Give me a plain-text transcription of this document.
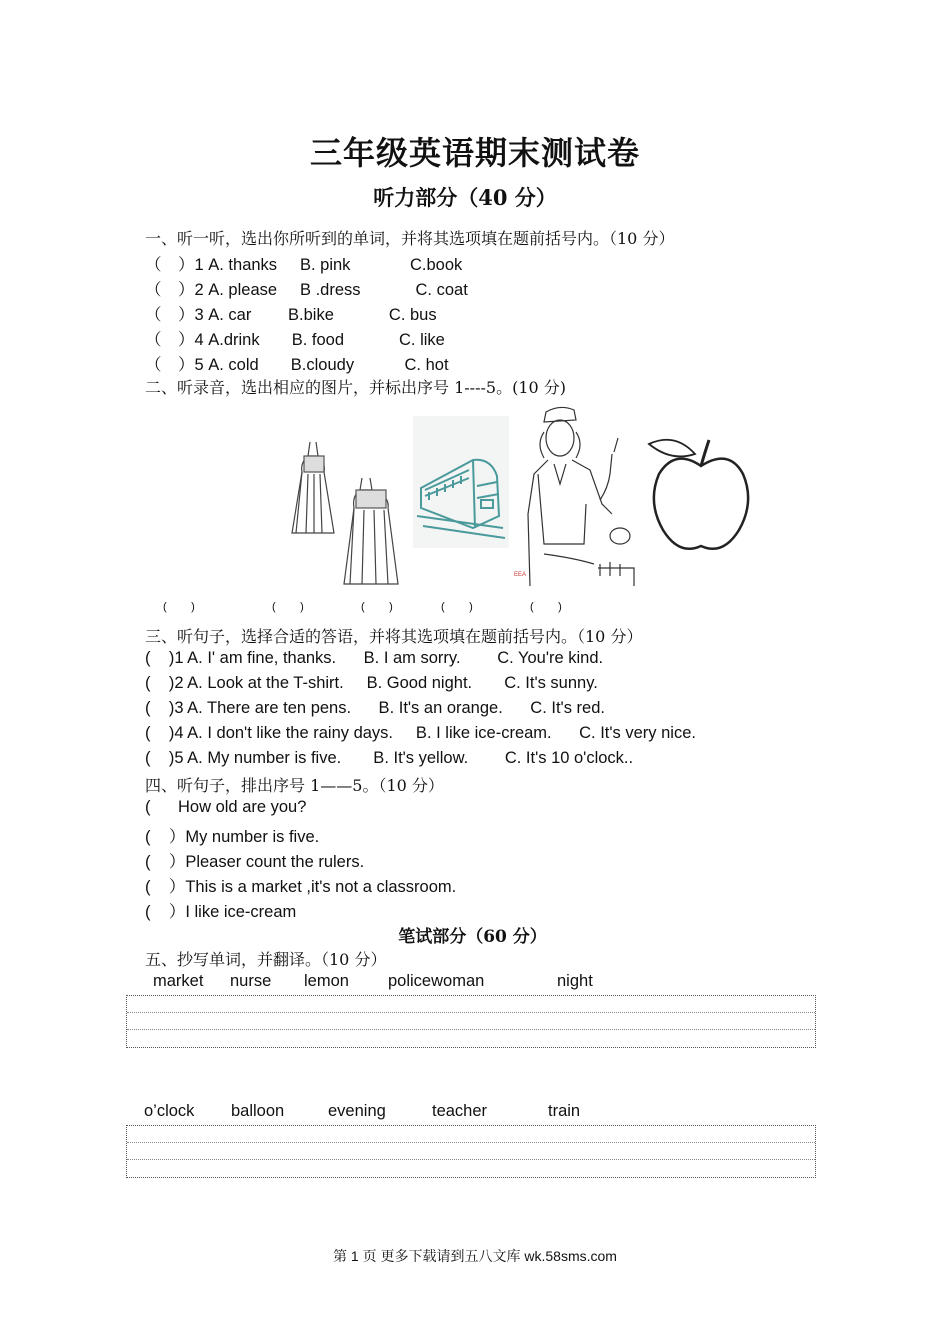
三年级英语期末测试卷
听力部分（40 分）
一、听一听，选出你所听到的单词，并将其选项填在题前括号内。（10 分）
（　）1 A. thanks     B. pink             C.book
（　）2 A. please     B .dress            C. coat
（　）3 A. car        B.bike            C. bus
（　）4 A.drink       B. food            C. like
（　）5 A. cold       B.cloudy           C. hot
二、听录音，选出相应的图片，并标出序号 1----5。(10 分)
EEA

(        )

	(        )

	(        )

	(        )

	(        )

三、听句子，选择合适的答语，并将其选项填在题前括号内。（10 分）
(    )1 A. I' am fine, thanks.      B. I am sorry.        C. You're kind.
(    )2 A. Look at the T-shirt.     B. Good night.       C. It's sunny.
(    )3 A. There are ten pens.      B. It's an orange.      C. It's red.
(    )4 A. I don't like the rainy days.     B. I like ice-cream.      C. It's very nice.
(    )5 A. My number is five.       B. It's yellow.        C. It's 10 o'clock..
四、听句子，排出序号 1——5。（10 分）
(      How old are you?
(    ）My number is five.
(    ）Pleaser count the rulers.
(    ）This is a market ,it's not a classroom.
(    ）I like ice-cream
笔试部分（60 分）
五、抄写单词，并翻译。（10 分）
market nurse lemon policewoman	night
o’clock balloon	evening	teacher	train
第 1 页 更多下载请到五八文库 wk.58sms.com
